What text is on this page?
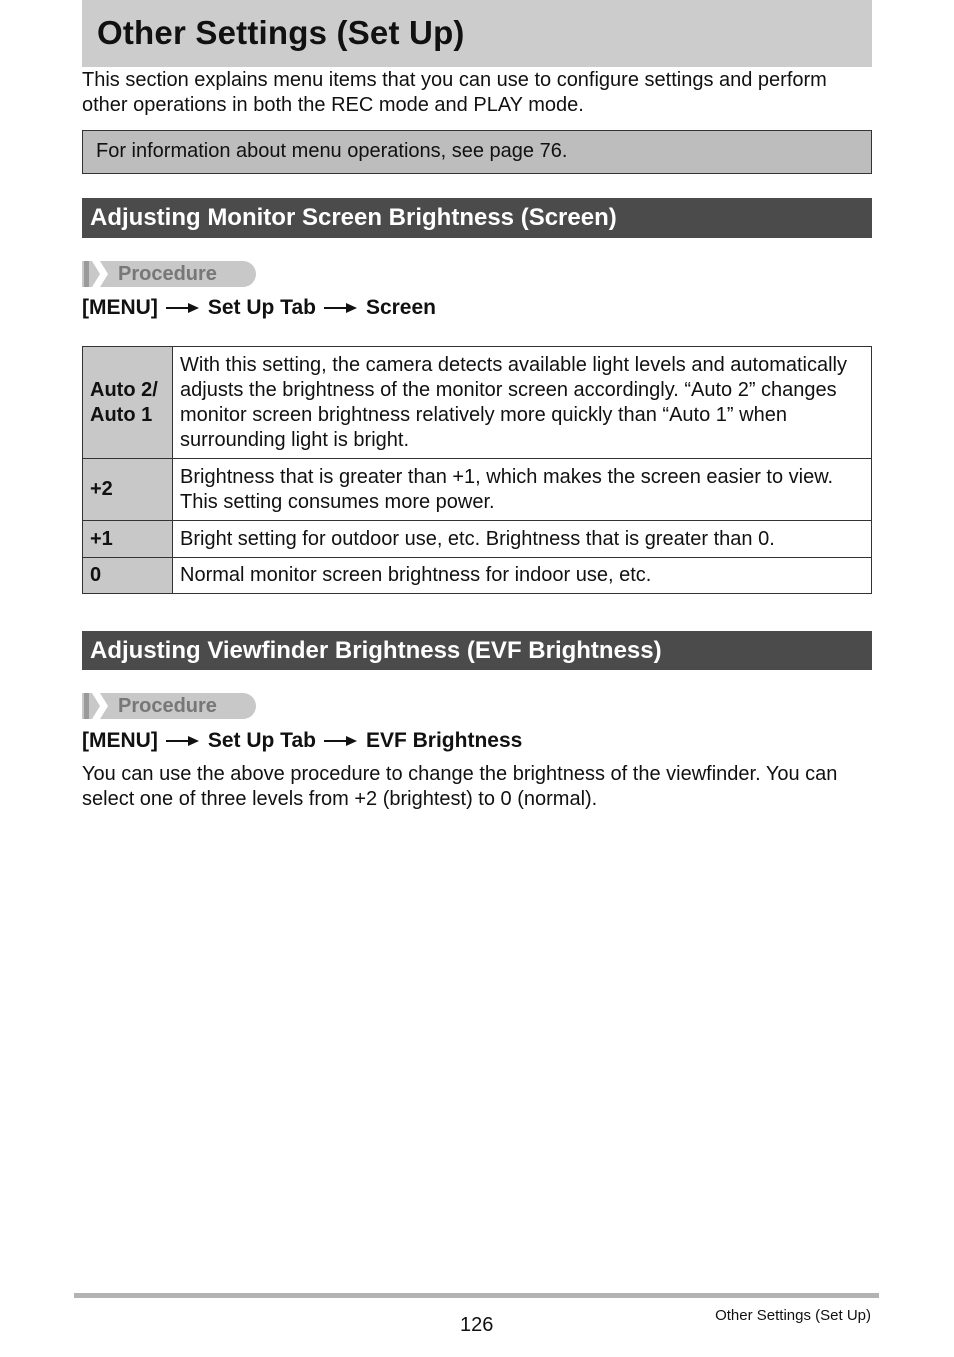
Other Settings (Set Up)
This section explains menu items that you can use to configure settings and perform other operations in both the REC mode and PLAY mode.
For information about menu operations, see page 76.
Adjusting Monitor Screen Brightness (Screen)
Procedure
[MENU] Set Up Tab Screen
Auto 2/
Auto 1	With this setting, the camera detects available light levels and automatically adjusts the brightness of the monitor screen accordingly. “Auto 2” changes monitor screen brightness relatively more quickly than “Auto 1” when surrounding light is bright.
+2	Brightness that is greater than +1, which makes the screen easier to view. This setting consumes more power.
+1	Bright setting for outdoor use, etc. Brightness that is greater than 0.
0	Normal monitor screen brightness for indoor use, etc.
Adjusting Viewfinder Brightness (EVF Brightness)
Procedure
[MENU] Set Up Tab EVF Brightness
You can use the above procedure to change the brightness of the viewfinder. You can select one of three levels from +2 (brightest) to 0 (normal).
126	Other Settings (Set Up)
